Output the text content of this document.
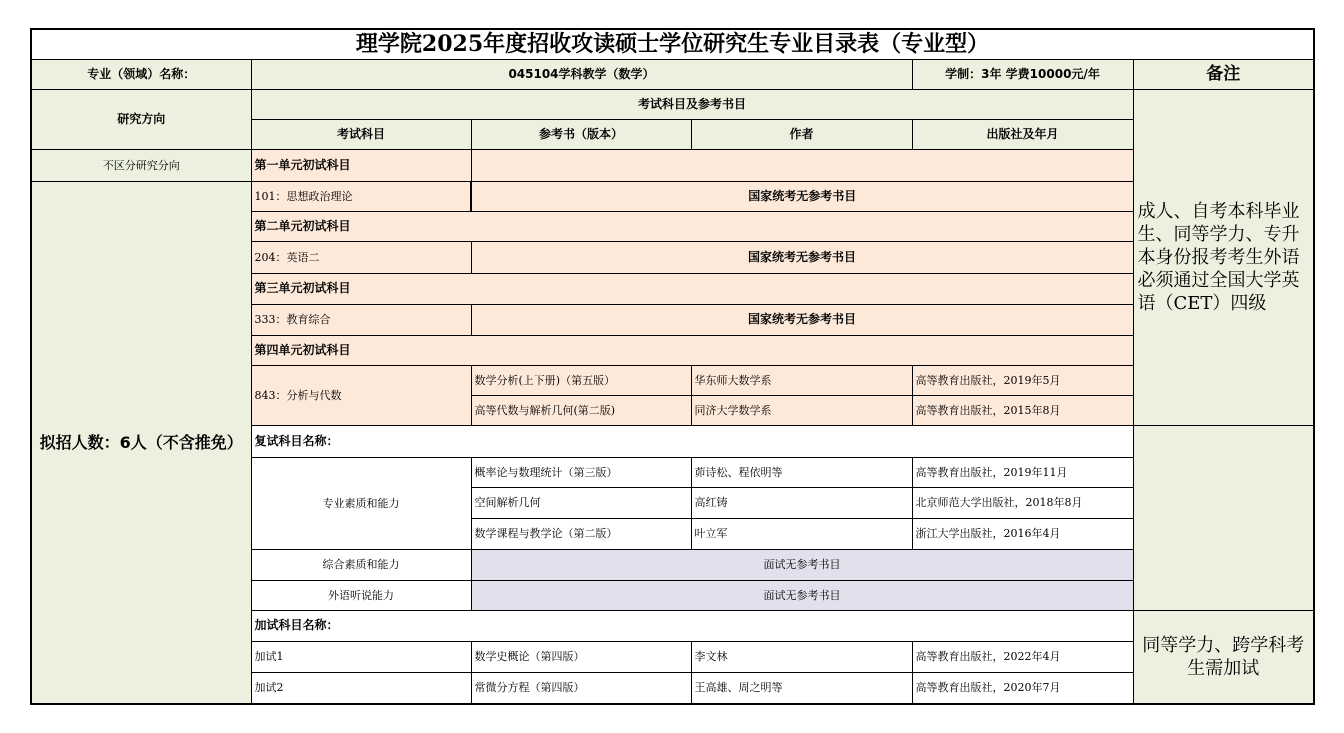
理学院2025年度招收攻读硕士学位研究生专业目录表（专业型）					
专业（领域）名称：	045104学科教学（数学）			学制：3年 学费10000元/年	备注
研究方向	考试科目及参考书目				成人、自考本科毕业生、同等学力、专升本身份报考考生外语必须通过全国大学英语（CET）四级
	考试科目	参考书（版本）	作者	出版社及年月	
不区分研究分向	第一单元初试科目				
拟招人数：6人（不含推免）	101：思想政治理论	国家统考无参考书目			
	第二单元初试科目				
	204：英语二	国家统考无参考书目			
	第三单元初试科目				
	333：教育综合	国家统考无参考书目			
	第四单元初试科目				
	843：分析与代数	数学分析(上下册)（第五版）	华东师大数学系	高等教育出版社，2019年5月	
		高等代数与解析几何(第二版)	同济大学数学系	高等教育出版社，2015年8月	
	复试科目名称：				
	专业素质和能力	概率论与数理统计（第三版）	茆诗松、程依明等	高等教育出版社，2019年11月	
		空间解析几何	高红铸	北京师范大学出版社，2018年8月	
		数学课程与教学论（第二版）	叶立军	浙江大学出版社，2016年4月	
	综合素质和能力	面试无参考书目			
	外语听说能力	面试无参考书目			
	加试科目名称：				同等学力、跨学科考生需加试
	加试1	数学史概论（第四版）	李文林	高等教育出版社，2022年4月	
	加试2	常微分方程（第四版）	王高雄、周之明等	高等教育出版社，2020年7月	
